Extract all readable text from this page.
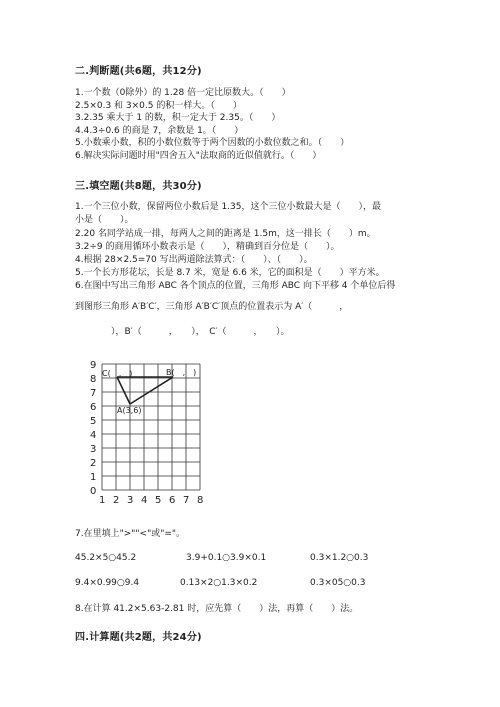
二.判断题(共6题，共12分)
1.一个数（0除外）的 1.28 倍一定比原数大。（　　）
2.5×0.3 和 3×0.5 的积一样大。（　　）
3.2.35 乘大于 1 的数，积一定大于 2.35。（　　）
4.4.3÷0.6 的商是 7，余数是 1。（　　）
5.小数乘小数，积的小数位数等于两个因数的小数位数之和。（　　）
6.解决实际问题时用"四舍五入"法取商的近似值就行。（　　）
三.填空题(共8题，共30分)
1.一个三位小数，保留两位小数后是 1.35，这个三位小数最大是（　　），最
小是（　　）。
2.20 名同学站成一排，每两人之间的距离是 1.5m，这一排长（　　）m。
3.2÷9 的商用循环小数表示是（　　），精确到百分位是（　　）。
4.根据 28×2.5=70 写出两道除法算式：（　　）、（　　）。
5.一个长方形花坛，长是 8.7 米，宽是 6.6 米，它的面积是（　　）平方米。
6.在图中写出三角形 ABC 各个顶点的位置，三角形 ABC 向下平移 4 个单位后得
到图形三角形 A′B′C′，三角形 A′B′C′顶点的位置表示为 A′（　　　，
　　　　），B′（　　　，　　），　C′（　　　，　　）。
9
8
7
6
5
4
3
2
1
0
1 2 3 4 5 6 7 8
C(　,　)	B(　,　)
A(3,6)
7.在里填上">""<"或"="。
45.2×5○45.2	3.9+0.1○3.9×0.1	0.3×1.2○0.3
9.4×0.99○9.4	0.13×2○1.3×0.2	0.3×05○0.3
8.在计算 41.2×5.63-2.81 时，应先算（　　）法，再算（　　）法。
四.计算题(共2题，共24分)
